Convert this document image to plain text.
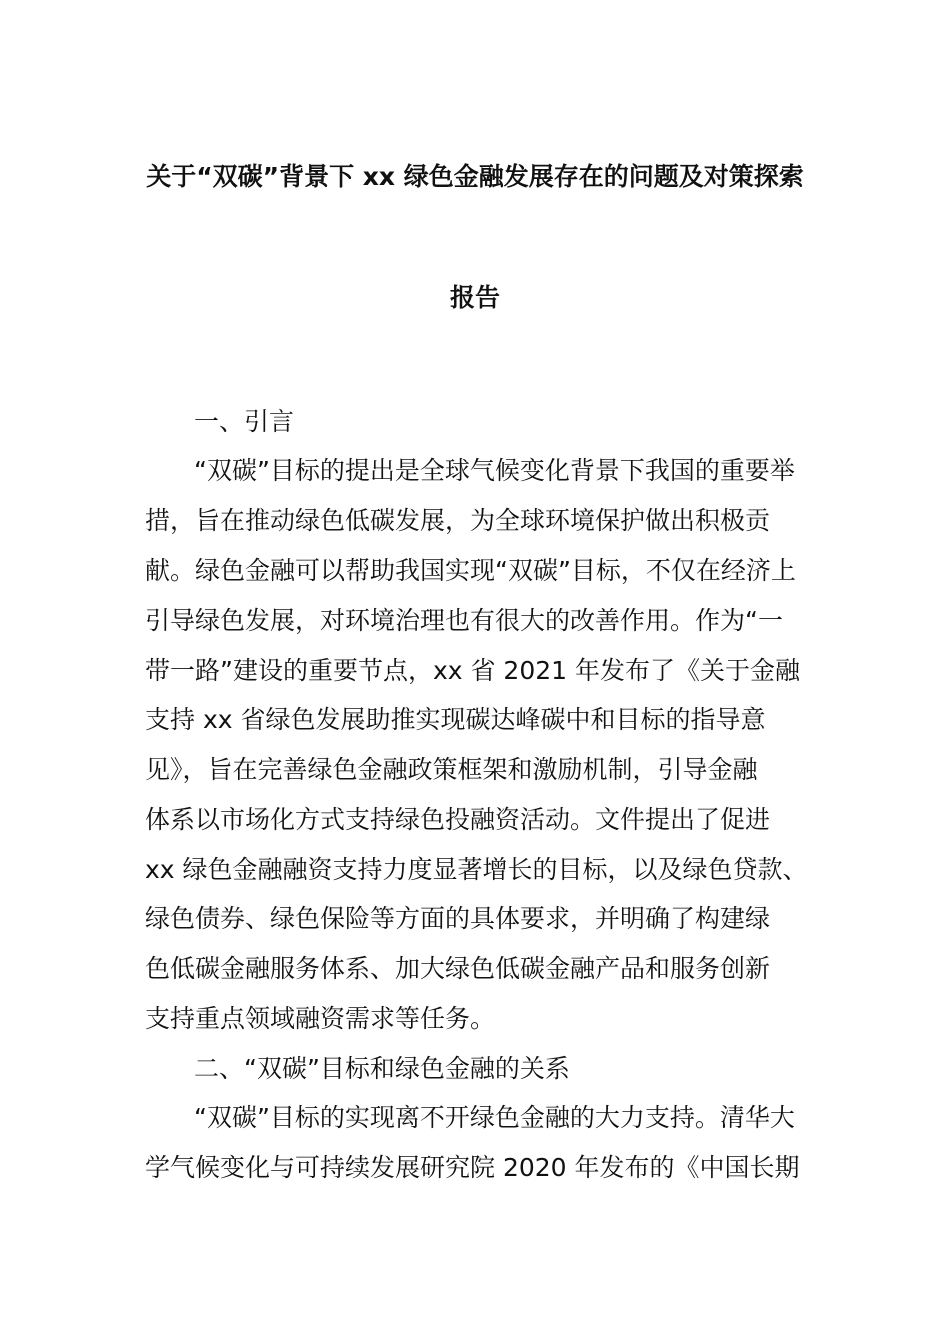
关于“双碳”背景下 xx 绿色金融发展存在的问题及对策探索
报告

一、引言

“双碳”目标的提出是全球气候变化背景下我国的重要举

措，旨在推动绿色低碳发展，为全球环境保护做出积极贡

献。绿色金融可以帮助我国实现“双碳”目标，不仅在经济上

引导绿色发展，对环境治理也有很大的改善作用。作为“一

带一路”建设的重要节点，xx 省 2021 年发布了《关于金融

支持 xx 省绿色发展助推实现碳达峰碳中和目标的指导意

见》，旨在完善绿色金融政策框架和激励机制，引导金融

体系以市场化方式支持绿色投融资活动。文件提出了促进

xx 绿色金融融资支持力度显著增长的目标，以及绿色贷款、

绿色债券、绿色保险等方面的具体要求，并明确了构建绿

色低碳金融服务体系、加大绿色低碳金融产品和服务创新

支持重点领域融资需求等任务。

二、“双碳”目标和绿色金融的关系

“双碳”目标的实现离不开绿色金融的大力支持。清华大

学气候变化与可持续发展研究院 2020 年发布的《中国长期
